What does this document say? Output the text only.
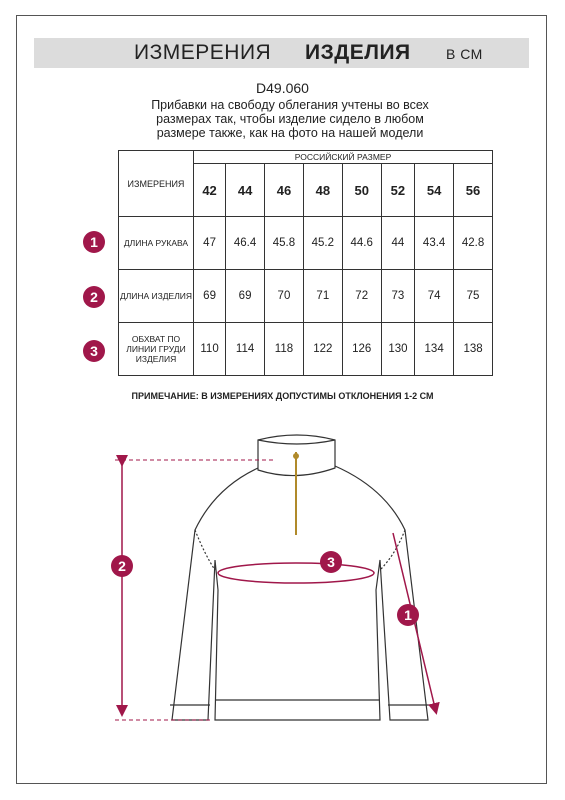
ИЗМЕРЕНИЯ ИЗДЕЛИЯ	В СМ
D49.060
Прибавки на свободу облегания учтены во всех размерах так, чтобы изделие сидело в любом размере также, как на фото на нашей модели
ИЗМЕРЕНИЯ	РОССИЙСКИЙ РАЗМЕР							
	42	44	46	48	50	52	54	56
ДЛИНА РУКАВА	47	46.4	45.8	45.2	44.6	44	43.4	42.8
ДЛИНА ИЗДЕЛИЯ	69	69	70	71	72	73	74	75
ОБХВАТ ПО ЛИНИИ ГРУДИ ИЗДЕЛИЯ	110	114	118	122	126	130	134	138
1
2
3
ПРИМЕЧАНИЕ: В ИЗМЕРЕНИЯХ ДОПУСТИМЫ ОТКЛОНЕНИЯ 1-2 СМ
2	3
1
